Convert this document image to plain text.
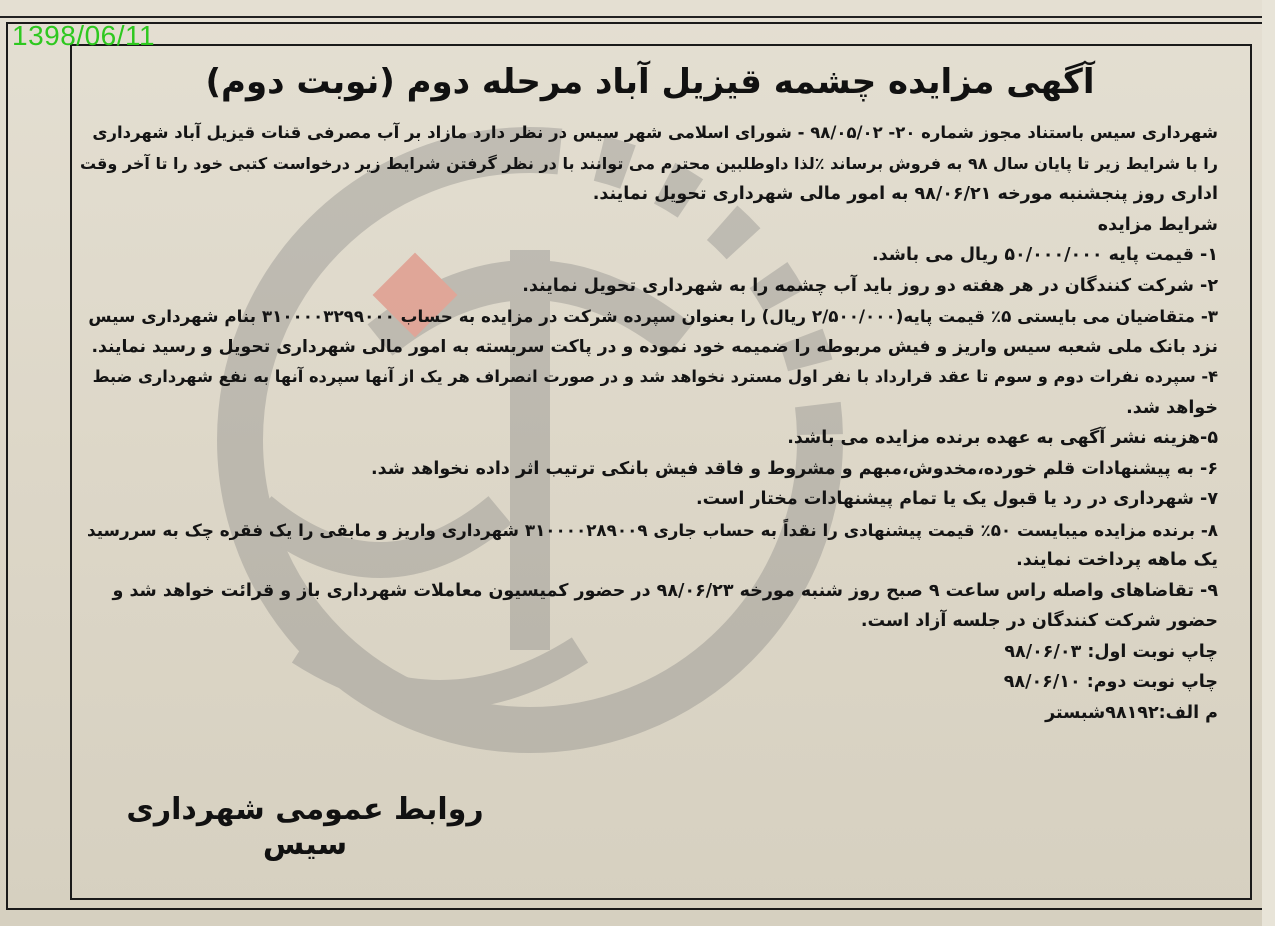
1398/06/11
آگهی مزایده چشمه قیزیل آباد مرحله دوم (نوبت دوم)
شهرداری سیس باستناد مجوز شماره ۲۰- ۹۸/۰۵/۰۲ - شورای اسلامی شهر سیس در نظر دارد مازاد بر آب مصرفی قنات قیزیل آباد شهرداری
را با شرایط زیر تا پایان سال ۹۸ به فروش برساند ٪لذا داوطلبین محترم می توانند با در نظر گرفتن شرایط زیر درخواست کتبی خود را تا آخر وقت
اداری روز پنجشنبه مورخه ۹۸/۰۶/۲۱ به امور مالی شهرداری تحویل نمایند.
شرایط مزایده
۱- قیمت پایه ۵۰/۰۰۰/۰۰۰ ریال می باشد.
۲- شرکت کنندگان در هر هفته دو روز باید آب چشمه را به شهرداری تحویل نمایند.
۳- متقاضیان می بایستی ۵٪ قیمت پایه(۲/۵۰۰/۰۰۰ ریال) را بعنوان سپرده شرکت در مزایده به حساب ۳۱۰۰۰۰۳۲۹۹۰۰۰ بنام شهرداری سیس
نزد بانک ملی شعبه سیس واریز و فیش مربوطه را ضمیمه خود نموده و در پاکت سربسته به امور مالی شهرداری تحویل و رسید نمایند.
۴- سپرده نفرات دوم و سوم تا عقد قرارداد با نفر اول مسترد نخواهد شد و در صورت انصراف هر یک از آنها سپرده آنها به نفع شهرداری ضبط
خواهد شد.
۵-هزینه نشر آگهی به عهده برنده مزایده می باشد.
۶- به پیشنهادات قلم خورده،مخدوش،مبهم و مشروط و فاقد فیش بانکی ترتیب اثر داده نخواهد شد.
۷- شهرداری در رد یا قبول یک یا تمام پیشنهادات مختار است.
۸- برنده مزایده میبایست ۵۰٪ قیمت پیشنهادی را نقداً به حساب جاری ۳۱۰۰۰۰۲۸۹۰۰۹ شهرداری واریز و مابقی را یک فقره چک به سررسید
یک ماهه پرداخت نمایند.
۹- تقاضاهای واصله راس ساعت ۹ صبح روز شنبه مورخه ۹۸/۰۶/۲۳ در حضور کمیسیون معاملات شهرداری باز و قرائت خواهد شد و
حضور شرکت کنندگان در جلسه آزاد است.
چاپ نوبت اول: ۹۸/۰۶/۰۳
چاپ نوبت دوم: ۹۸/۰۶/۱۰
م الف:۹۸۱۹۲شبستر
روابط عمومی شهرداری سیس
